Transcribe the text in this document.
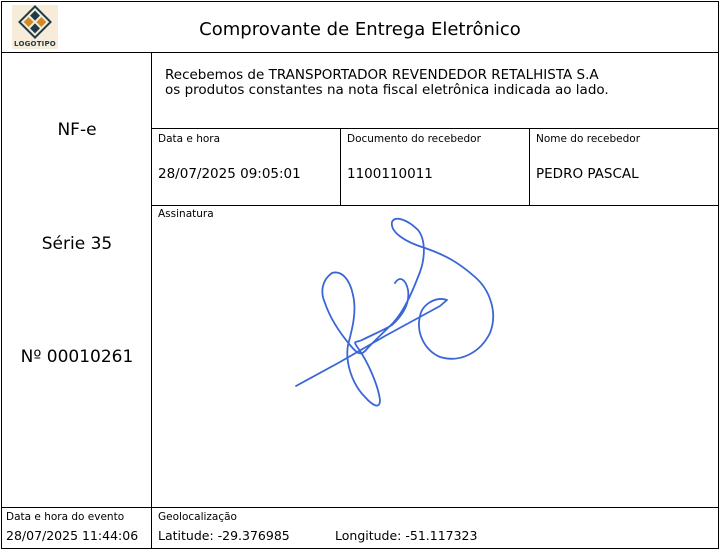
LOGOTIPO
Comprovante de Entrega Eletrônico
NF-e
Série 35
Nº 00010261
Recebemos de TRANSPORTADOR REVENDEDOR RETALHISTA S.A
os produtos constantes na nota fiscal eletrônica indicada ao lado.
Data e hora
28/07/2025 09:05:01
Documento do recebedor
1100110011
Nome do recebedor
PEDRO PASCAL
Assinatura
Data e hora do evento
28/07/2025 11:44:06
Geolocalização
Latitude: -29.376985	Longitude: -51.117323
